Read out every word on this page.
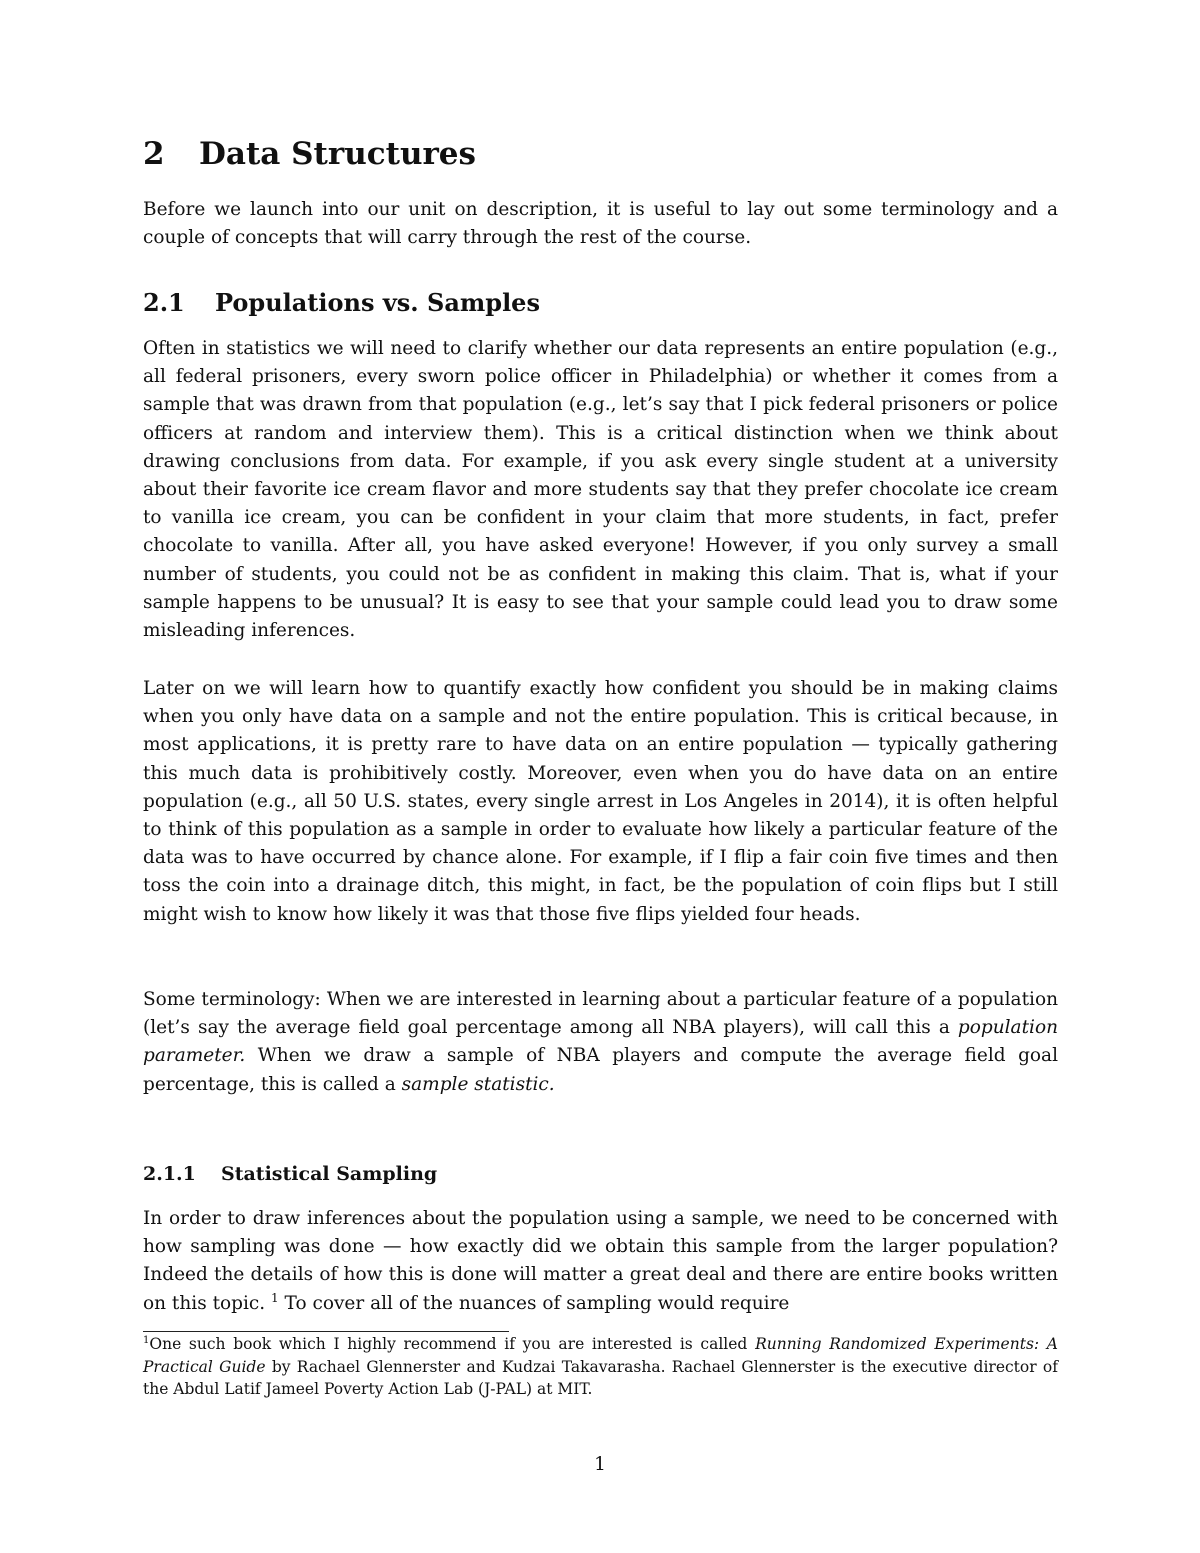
2 Data Structures

Before we launch into our unit on description, it is useful to lay out some terminology and a couple of concepts that will carry through the rest of the course.

2.1 Populations vs. Samples

Often in statistics we will need to clarify whether our data represents an entire population (e.g., all federal prisoners, every sworn police officer in Philadelphia) or whether it comes from a sample that was drawn from that population (e.g., let’s say that I pick federal prisoners or police officers at random and interview them). This is a critical distinction when we think about drawing conclusions from data. For example, if you ask every single student at a university about their favorite ice cream flavor and more students say that they prefer chocolate ice cream to vanilla ice cream, you can be confident in your claim that more students, in fact, prefer chocolate to vanilla. After all, you have asked everyone! However, if you only survey a small number of students, you could not be as confident in making this claim. That is, what if your sample happens to be unusual? It is easy to see that your sample could lead you to draw some misleading inferences.

Later on we will learn how to quantify exactly how confident you should be in making claims when you only have data on a sample and not the entire population. This is critical because, in most applications, it is pretty rare to have data on an entire population — typically gathering this much data is prohibitively costly. Moreover, even when you do have data on an entire population (e.g., all 50 U.S. states, every single arrest in Los Angeles in 2014), it is often helpful to think of this population as a sample in order to evaluate how likely a particular feature of the data was to have occurred by chance alone. For example, if I flip a fair coin five times and then toss the coin into a drainage ditch, this might, in fact, be the population of coin flips but I still might wish to know how likely it was that those five flips yielded four heads.

Some terminology: When we are interested in learning about a particular feature of a population (let’s say the average field goal percentage among all NBA players), will call this a population parameter. When we draw a sample of NBA players and compute the average field goal percentage, this is called a sample statistic.

2.1.1 Statistical Sampling

In order to draw inferences about the population using a sample, we need to be concerned with how sampling was done — how exactly did we obtain this sample from the larger population? Indeed the details of how this is done will matter a great deal and there are entire books written on this topic. $^1$ To cover all of the nuances of sampling would require

$^1$One such book which I highly recommend if you are interested is called Running Randomized Experiments: A Practical Guide by Rachael Glennerster and Kudzai Takavarasha. Rachael Glennerster is the executive director of the Abdul Latif Jameel Poverty Action Lab (J-PAL) at MIT.

1
